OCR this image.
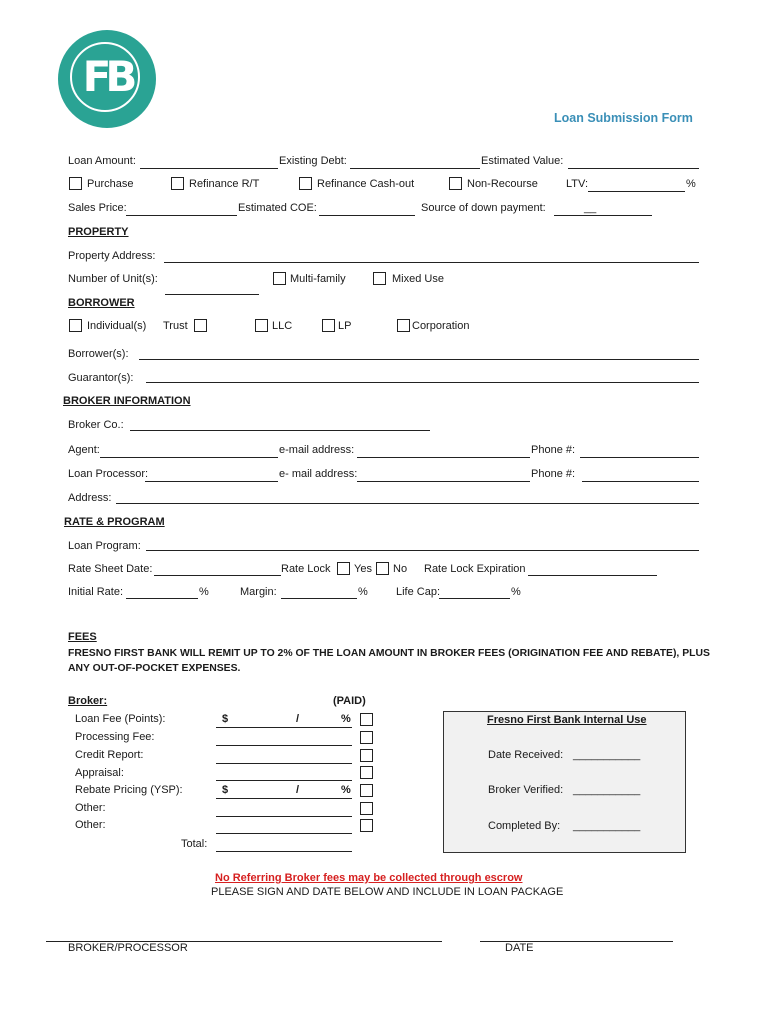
FB
Loan Submission Form
Loan Amount:	Existing Debt:	Estimated Value:
Purchase	Refinance R/T	Refinance Cash-out	Non-Recourse	LTV:	%
Sales Price:	Estimated COE:	Source of down payment:	__
PROPERTY
Property Address:
Number of Unit(s):	Multi-family	Mixed Use
BORROWER
Individual(s) Trust	LLC	LP	Corporation
Borrower(s):
Guarantor(s):
BROKER INFORMATION
Broker Co.:
Agent:	e-mail address:	Phone #:
Loan Processor:	e- mail address:	Phone #:
Address:
RATE & PROGRAM
Loan Program:
Rate Sheet Date:	Rate Lock Yes No Rate Lock Expiration
Initial Rate:	%	Margin:	%	Life Cap:	%
FEES
FRESNO FIRST BANK WILL REMIT UP TO 2% OF THE LOAN AMOUNT IN BROKER FEES (ORIGINATION FEE AND REBATE), PLUS
ANY OUT-OF-POCKET EXPENSES.
Broker:	(PAID)
Loan Fee (Points):	$	/	%
Processing Fee:
Credit Report:
Appraisal:
Rebate Pricing (YSP):	$	/	%
Other:
Other:
Total:
Fresno First Bank Internal Use
Date Received: ___________
Broker Verified: ___________
Completed By: ___________
No Referring Broker fees may be collected through escrow
PLEASE SIGN AND DATE BELOW AND INCLUDE IN LOAN PACKAGE
BROKER/PROCESSOR	DATE
